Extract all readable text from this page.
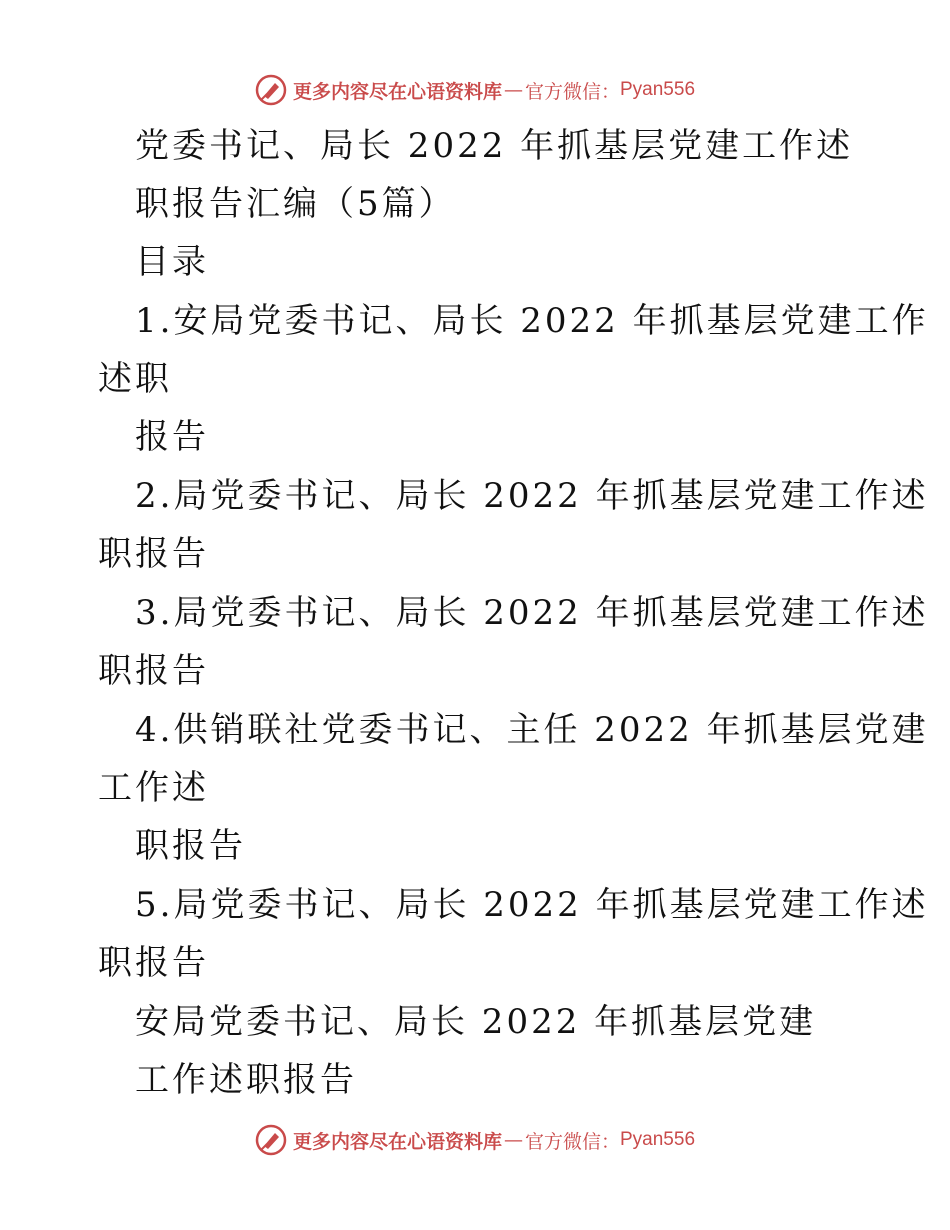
更多内容尽在心语资料库 — 官方微信： Pyan556
党委书记、局长 2022 年抓基层党建工作述
职报告汇编（5篇）
目录
1.安局党委书记、局长 2022 年抓基层党建工作
述职
报告
2.局党委书记、局长 2022 年抓基层党建工作述
职报告
3.局党委书记、局长 2022 年抓基层党建工作述
职报告
4.供销联社党委书记、主任 2022 年抓基层党建
工作述
职报告
5.局党委书记、局长 2022 年抓基层党建工作述
职报告
安局党委书记、局长 2022 年抓基层党建
工作述职报告
更多内容尽在心语资料库 — 官方微信： Pyan556
